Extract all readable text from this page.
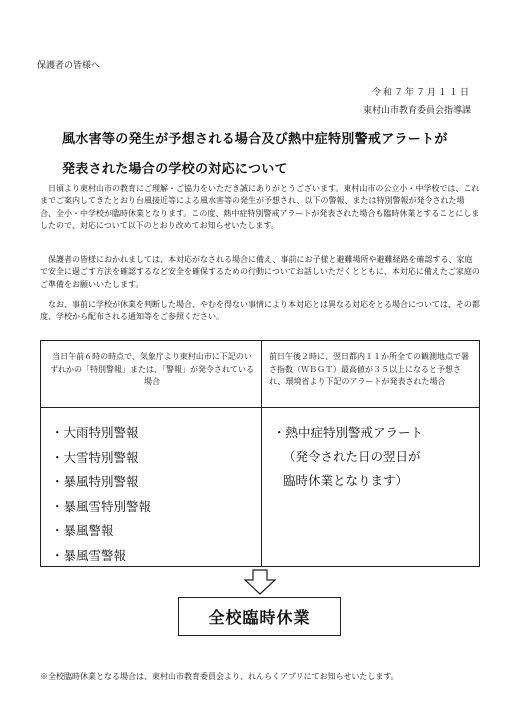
保護者の皆様へ
令和７年７月１１日
東村山市教育委員会指導課
風水害等の発生が予想される場合及び熱中症特別警戒アラートが
発表された場合の学校の対応について

日頃より東村山市の教育にご理解・ご協力をいただき誠にありがとうございます。東村山市の公立小・中学校では、これまでご案内してきたとおり台風接近等による風水害等の発生が予想され、以下の警報、または特別警報が発令された場合、全小・中学校が臨時休業となります。この度、熱中症特別警戒アラートが発表された場合も臨時休業とすることにしましたので、対応について以下のとおり改めてお知らせいたします。

保護者の皆様におかれましては、本対応がなされる場合に備え、事前にお子様と避難場所や避難経路を確認する、家庭で安全に過ごす方法を確認するなど安全を確保するための行動についてお話しいただくとともに、本対応に備えたご家庭のご準備をお願いいたします。

なお、事前に学校が休業を判断した場合、やむを得ない事情により本対応とは異なる対応をとる場合については、その都度、学校から配布される通知等をご参照ください。

当日午前６時の時点で、気象庁より東村山市に下記のいずれかの「特別警報」または、「警報」が発令されている場合
前日午後２時に、翌日都内１１か所全ての観測地点で暑さ指数（ＷＢＧＴ）最高値が３５以上になると予想され、環境省より下記のアラートが発表された場合
・大雨特別警報
・大雪特別警報
・暴風特別警報
・暴風雪特別警報
・暴風警報
・暴風雪警報
・熱中症特別警戒アラート
（発令された日の翌日が
臨時休業となります）
全校臨時休業
※全校臨時休業となる場合は、東村山市教育委員会より、れんらくアプリにてお知らせいたします。
